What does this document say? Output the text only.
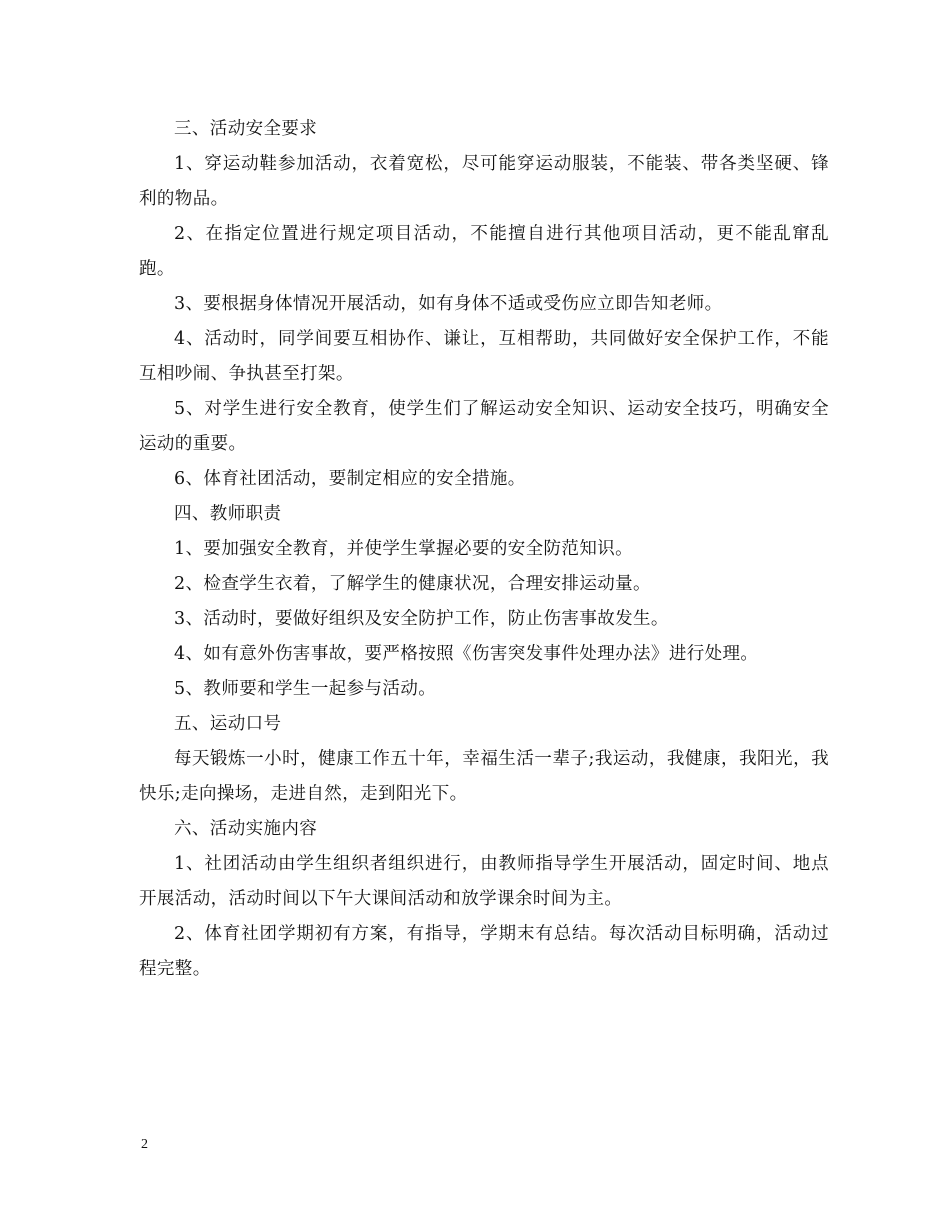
三、活动安全要求

1、穿运动鞋参加活动，衣着宽松，尽可能穿运动服装，不能装、带各类坚硬、锋利的物品。

2、在指定位置进行规定项目活动，不能擅自进行其他项目活动，更不能乱窜乱跑。

3、要根据身体情况开展活动，如有身体不适或受伤应立即告知老师。

4、活动时，同学间要互相协作、谦让，互相帮助，共同做好安全保护工作，不能互相吵闹、争执甚至打架。

5、对学生进行安全教育，使学生们了解运动安全知识、运动安全技巧，明确安全运动的重要。

6、体育社团活动，要制定相应的安全措施。

四、教师职责

1、要加强安全教育，并使学生掌握必要的安全防范知识。

2、检查学生衣着，了解学生的健康状况，合理安排运动量。

3、活动时，要做好组织及安全防护工作，防止伤害事故发生。

4、如有意外伤害事故，要严格按照《伤害突发事件处理办法》进行处理。

5、教师要和学生一起参与活动。

五、运动口号

每天锻炼一小时，健康工作五十年，幸福生活一辈子;我运动，我健康，我阳光，我快乐;走向操场，走进自然，走到阳光下。

六、活动实施内容

1、社团活动由学生组织者组织进行，由教师指导学生开展活动，固定时间、地点开展活动，活动时间以下午大课间活动和放学课余时间为主。

2、体育社团学期初有方案，有指导，学期末有总结。每次活动目标明确，活动过程完整。

2
